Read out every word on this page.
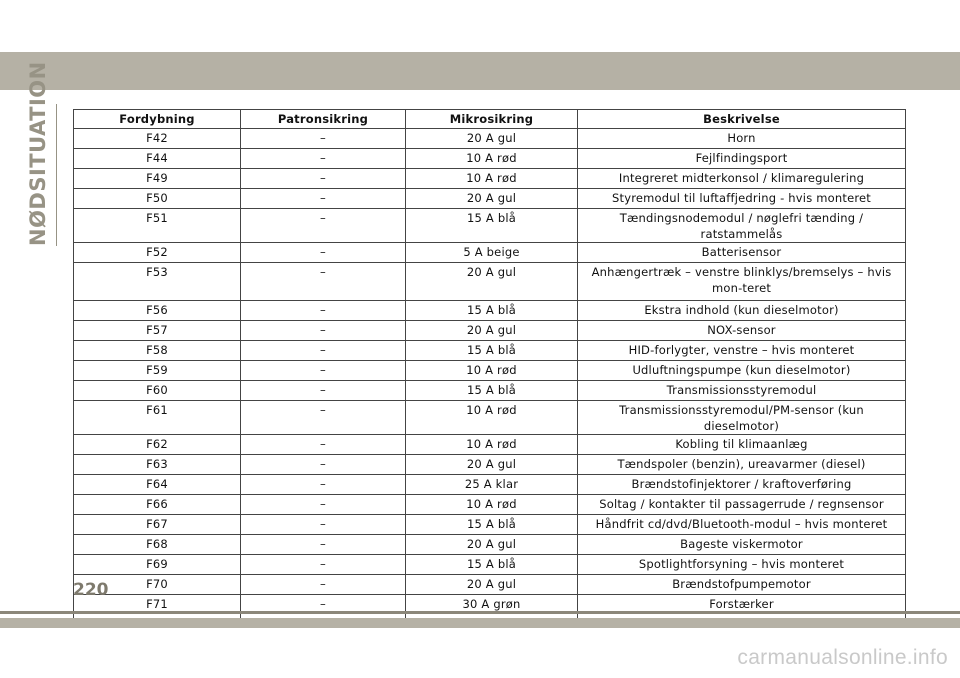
NØDSITUATION	Fordybning	Patronsikring	Mikrosikring	Beskrivelse
F42	–	20 A gul	Horn
F44	–	10 A rød	Fejlfindingsport
F49	–	10 A rød	Integreret midterkonsol / klimaregulering
F50	–	20 A gul	Styremodul til luftaffjedring - hvis monteret
F51	–	15 A blå	Tændingsnodemodul / nøglefri tænding / ratstammelås
F52	–	5 A beige	Batterisensor
F53	–	20 A gul	Anhængertræk – venstre blinklys/bremselys – hvis mon-teret
F56	–	15 A blå	Ekstra indhold (kun dieselmotor)
F57	–	20 A gul	NOX-sensor
F58	–	15 A blå	HID-forlygter, venstre – hvis monteret
F59	–	10 A rød	Udluftningspumpe (kun dieselmotor)
F60	–	15 A blå	Transmissionsstyremodul
F61	–	10 A rød	Transmissionsstyremodul/PM-sensor (kun dieselmotor)
F62	–	10 A rød	Kobling til klimaanlæg
F63	–	20 A gul	Tændspoler (benzin), ureavarmer (diesel)
F64	–	25 A klar	Brændstofinjektorer / kraftoverføring
F66	–	10 A rød	Soltag / kontakter til passagerrude / regnsensor
F67	–	15 A blå	Håndfrit cd/dvd/Bluetooth-modul – hvis monteret
F68	–	20 A gul	Bageste viskermotor
F69	–	15 A blå	Spotlightforsyning – hvis monteret
F70	–	20 A gul	Brændstofpumpemotor
F71	–	30 A grøn	Forstærker
220
carmanualsonline.info
